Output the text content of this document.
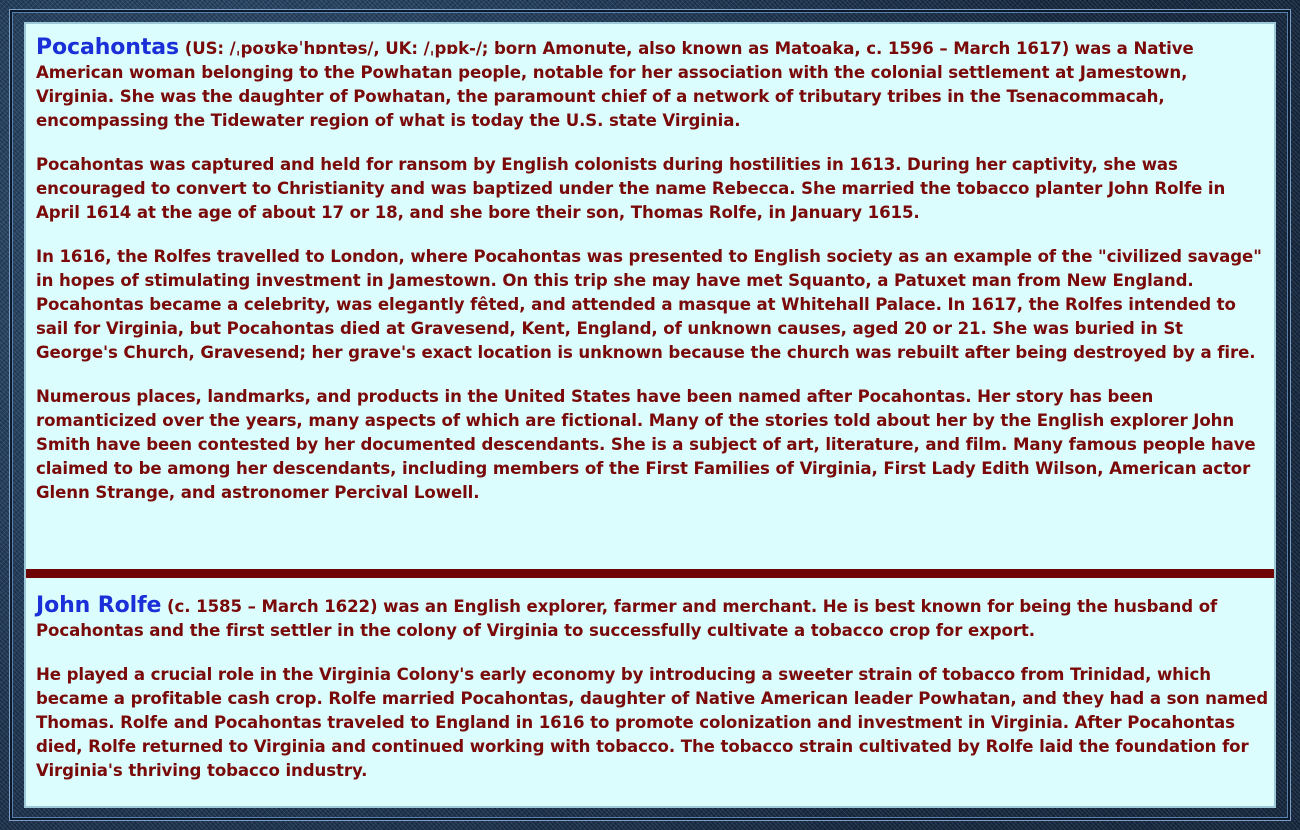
Pocahontas (US: /ˌpoʊkəˈhɒntəs/, UK: /ˌpɒk-/; born Amonute, also known as Matoaka, c. 1596 – March 1617) was a Native American woman belonging to the Powhatan people, notable for her association with the colonial settlement at Jamestown, Virginia. She was the daughter of Powhatan, the paramount chief of a network of tributary tribes in the Tsenacommacah, encompassing the Tidewater region of what is today the U.S. state Virginia.

Pocahontas was captured and held for ransom by English colonists during hostilities in 1613. During her captivity, she was encouraged to convert to Christianity and was baptized under the name Rebecca. She married the tobacco planter John Rolfe in April 1614 at the age of about 17 or 18, and she bore their son, Thomas Rolfe, in January 1615.

In 1616, the Rolfes travelled to London, where Pocahontas was presented to English society as an example of the "civilized savage" in hopes of stimulating investment in Jamestown. On this trip she may have met Squanto, a Patuxet man from New England. Pocahontas became a celebrity, was elegantly fêted, and attended a masque at Whitehall Palace. In 1617, the Rolfes intended to sail for Virginia, but Pocahontas died at Gravesend, Kent, England, of unknown causes, aged 20 or 21. She was buried in St George's Church, Gravesend; her grave's exact location is unknown because the church was rebuilt after being destroyed by a fire.

Numerous places, landmarks, and products in the United States have been named after Pocahontas. Her story has been romanticized over the years, many aspects of which are fictional. Many of the stories told about her by the English explorer John Smith have been contested by her documented descendants. She is a subject of art, literature, and film. Many famous people have claimed to be among her descendants, including members of the First Families of Virginia, First Lady Edith Wilson, American actor Glenn Strange, and astronomer Percival Lowell.

John Rolfe (c. 1585 – March 1622) was an English explorer, farmer and merchant. He is best known for being the husband of Pocahontas and the first settler in the colony of Virginia to successfully cultivate a tobacco crop for export.

He played a crucial role in the Virginia Colony's early economy by introducing a sweeter strain of tobacco from Trinidad, which became a profitable cash crop. Rolfe married Pocahontas, daughter of Native American leader Powhatan, and they had a son named Thomas. Rolfe and Pocahontas traveled to England in 1616 to promote colonization and investment in Virginia. After Pocahontas died, Rolfe returned to Virginia and continued working with tobacco. The tobacco strain cultivated by Rolfe laid the foundation for Virginia's thriving tobacco industry.
